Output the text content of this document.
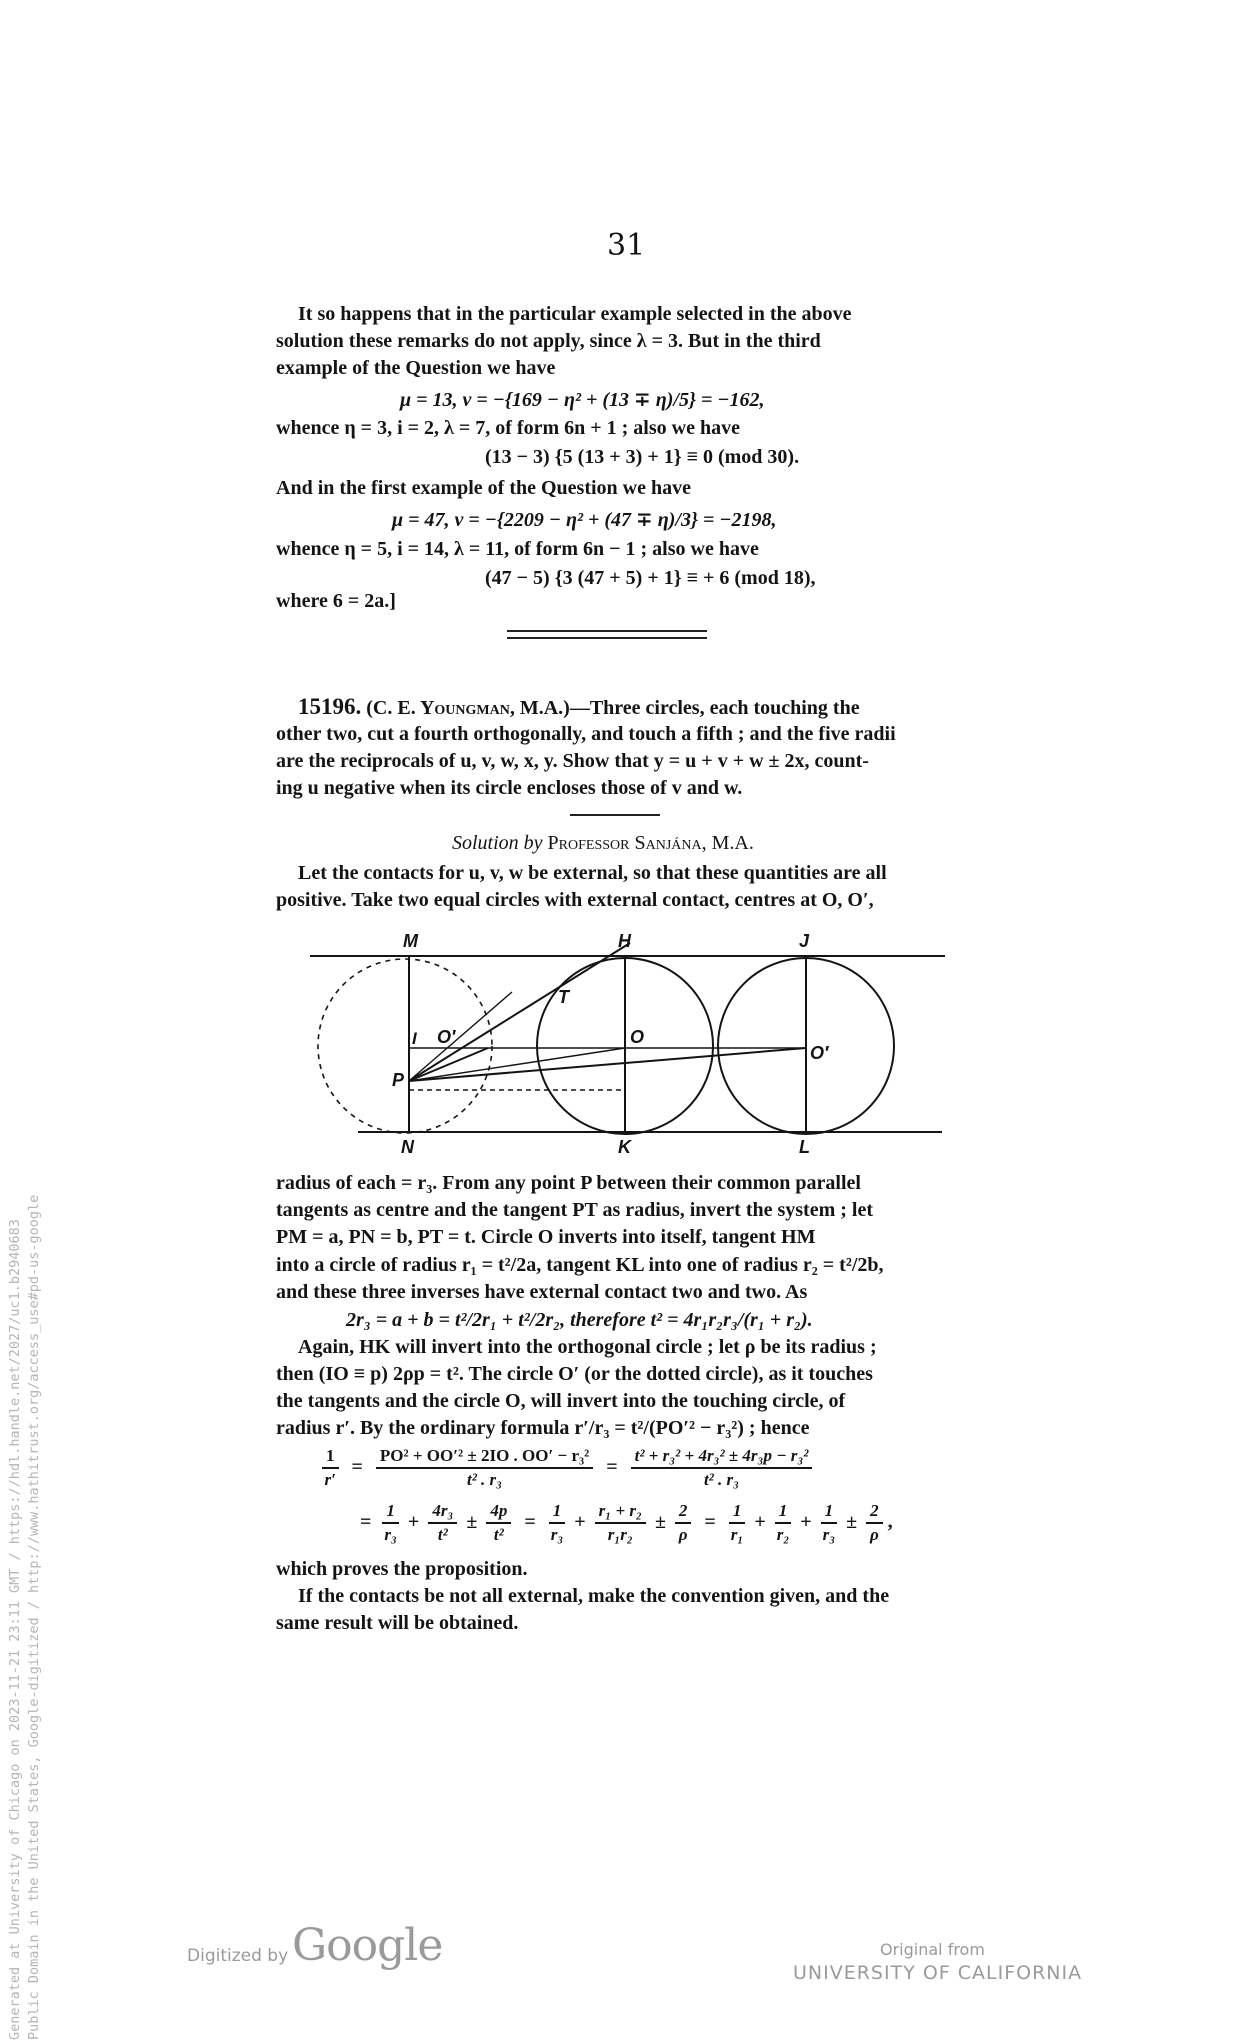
31
It so happens that in the particular example selected in the above
solution these remarks do not apply, since λ = 3. But in the third
example of the Question we have
μ = 13, ν = −{169 − η² + (13 ∓ η)/5} = −162,
whence η = 3, i = 2, λ = 7, of form 6n + 1 ; also we have
(13 − 3) {5 (13 + 3) + 1} ≡ 0 (mod 30).
And in the first example of the Question we have
μ = 47, ν = −{2209 − η² + (47 ∓ η)/3} = −2198,
whence η = 5, i = 14, λ = 11, of form 6n − 1 ; also we have
(47 − 5) {3 (47 + 5) + 1} ≡ + 6 (mod 18),
where 6 = 2a.]
15196. (C. E. Youngman, M.A.)—Three circles, each touching the
other two, cut a fourth orthogonally, and touch a fifth ; and the five radii
are the reciprocals of u, v, w, x, y. Show that y = u + v + w ± 2x, count-
ing u negative when its circle encloses those of v and w.
Solution by Professor Sanjána, M.A.
Let the contacts for u, v, w be external, so that these quantities are all
positive. Take two equal circles with external contact, centres at O, O′,
M	H	J
T
I O′	O
O′
P
N	K	L
radius of each = r₃. From any point P between their common parallel
tangents as centre and the tangent PT as radius, invert the system ; let
PM = a, PN = b, PT = t. Circle O inverts into itself, tangent HM
into a circle of radius r₁ = t²/2a, tangent KL into one of radius r₂ = t²/2b,
and these three inverses have external contact two and two. As
2r₃ = a + b = t²/2r₁ + t²/2r₂, therefore t² = 4r₁r₂r₃/(r₁ + r₂).
Again, HK will invert into the orthogonal circle ; let ρ be its radius ;
then (IO ≡ p) 2ρp = t². The circle O′ (or the dotted circle), as it touches
the tangents and the circle O, will invert into the touching circle, of
radius r′. By the ordinary formula r′/r₃ = t²/(PO′² − r₃²) ; hence
$\frac{1}{r'} = \frac{\text{PO² + OO′² ± 2IO . OO′ − r₃²}}{\text{t² . r₃}} = \frac{\text{t² + r₃² + 4r₃² ± 4r₃p − r₃²}}{\text{t² . r₃}}$
= $\frac{1}{\text{r₃}} + \frac{\text{4r₃}}{\text{t²}} \pm \frac{4p}{\text{t²}} = \frac{1}{\text{r₃}} + \frac{\text{r₁ + r₂}}{\text{r₁r₂}} \pm \frac{2}{\rho} = \frac{1}{\text{r₁}} + \frac{1}{\text{r₂}} + \frac{1}{\text{r₃}} \pm \frac{2}{\rho}$ ,
which proves the proposition.
If the contacts be not all external, make the convention given, and the
same result will be obtained.
Generated at University of Chicago on 2023-11-21 23:11 GMT / https://hdl.handle.net/2027/uc1.b2940683 Public Domain in the United States, Google-digitized / http://www.hathitrust.org/access_use#pd-us-google	Digitized by Google	Original from
UNIVERSITY OF CALIFORNIA
